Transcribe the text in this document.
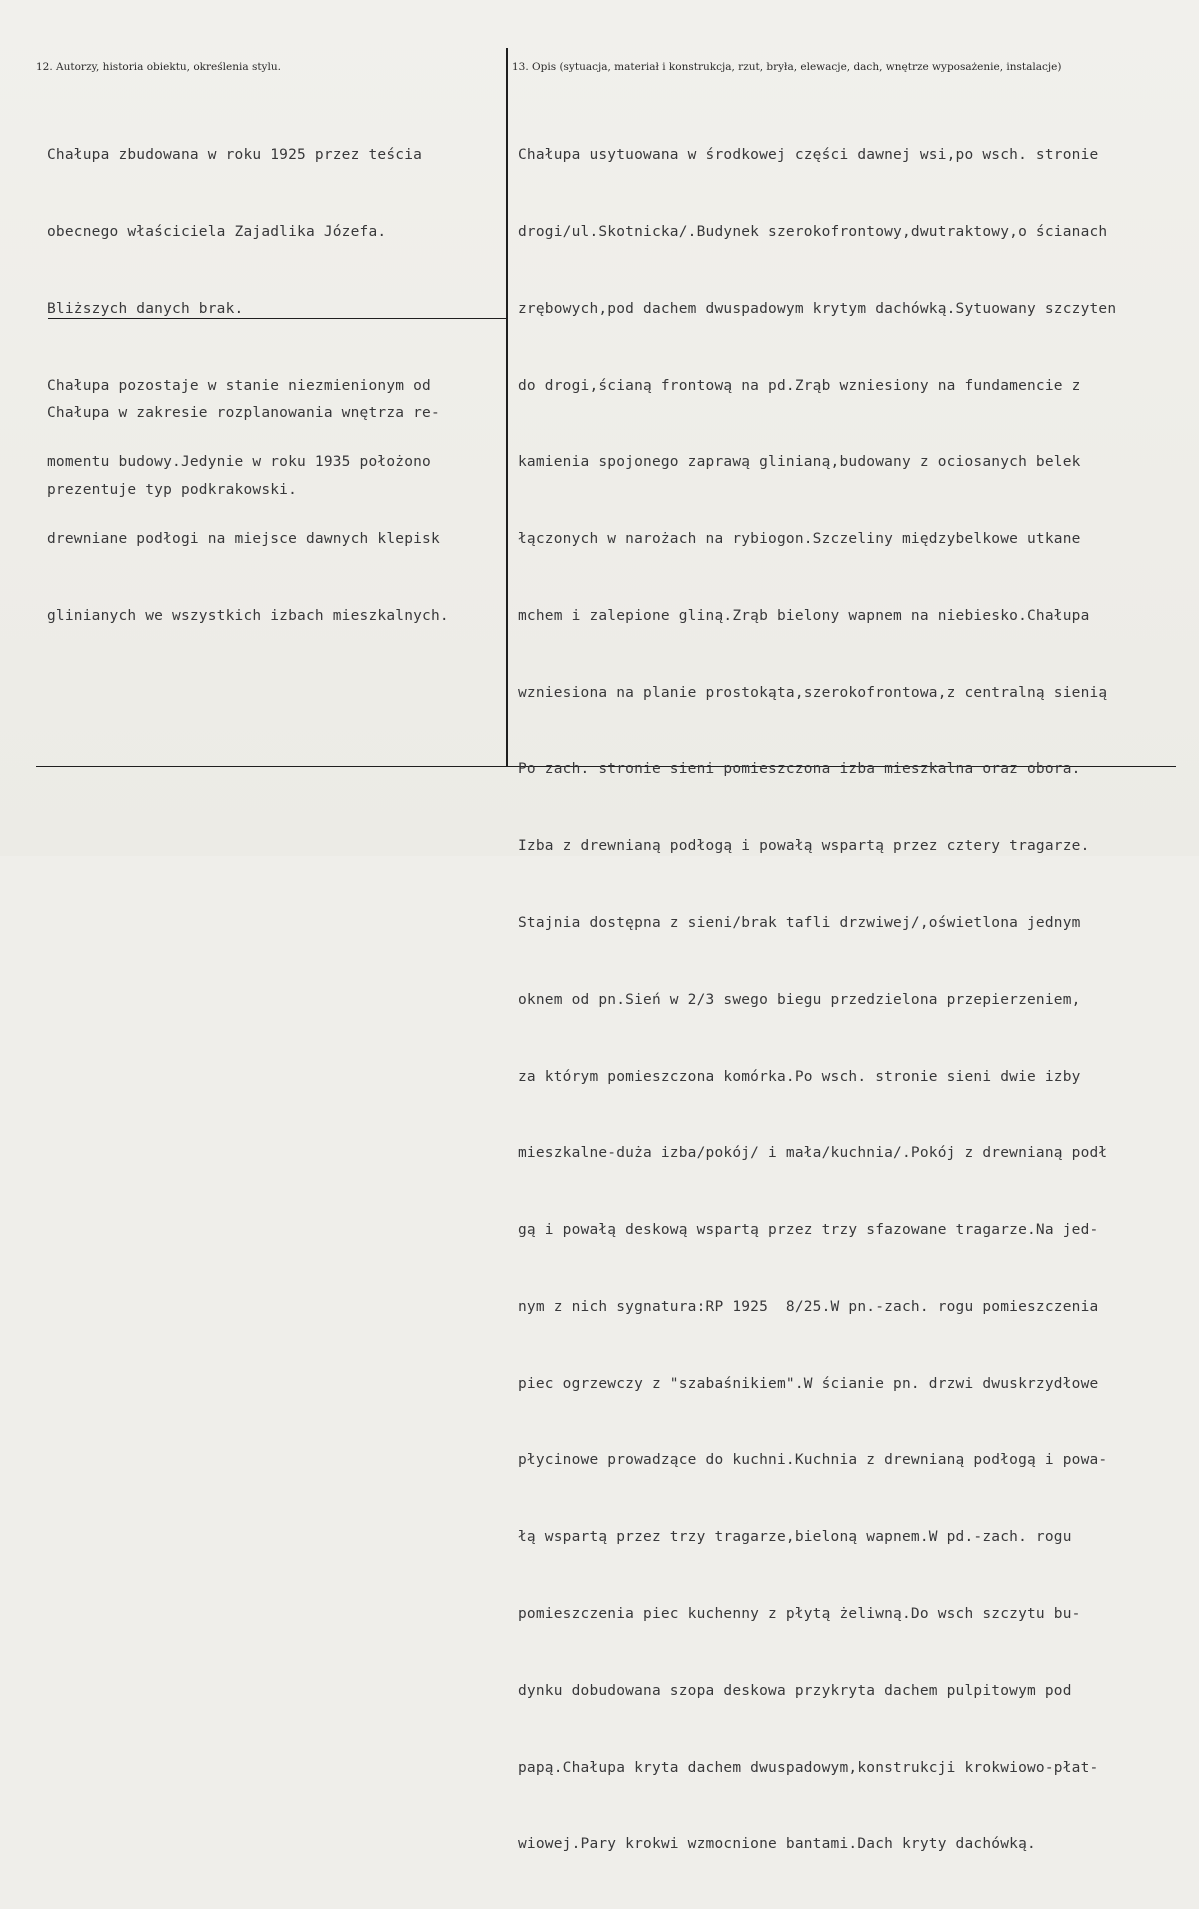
12. Autorzy, historia obiektu, określenia stylu.	13. Opis (sytuacja, materiał i konstrukcja, rzut, bryła, elewacje, dach, wnętrze wyposażenie, instalacje)

Chałupa zbudowana w roku 1925 przez teścia

obecnego właściciela Zajadlika Józefa.

Bliższych danych brak.

Chałupa pozostaje w stanie niezmienionym od

momentu budowy.Jedynie w roku 1935 położono

drewniane podłogi na miejsce dawnych klepisk

glinianych we wszystkich izbach mieszkalnych.

Chałupa w zakresie rozplanowania wnętrza re-

prezentuje typ podkrakowski.

Chałupa usytuowana w środkowej części dawnej wsi,po wsch. stronie

drogi/ul.Skotnicka/.Budynek szerokofrontowy,dwutraktowy,o ścianach

zrębowych,pod dachem dwuspadowym krytym dachówką.Sytuowany szczyten

do drogi,ścianą frontową na pd.Zrąb wzniesiony na fundamencie z

kamienia spojonego zaprawą glinianą,budowany z ociosanych belek

łączonych w narożach na rybiogon.Szczeliny międzybelkowe utkane

mchem i zalepione gliną.Zrąb bielony wapnem na niebiesko.Chałupa

wzniesiona na planie prostokąta,szerokofrontowa,z centralną sienią

Po zach. stronie sieni pomieszczona izba mieszkalna oraz obora.

Izba z drewnianą podłogą i powałą wspartą przez cztery tragarze.

Stajnia dostępna z sieni/brak tafli drzwiwej/,oświetlona jednym

oknem od pn.Sień w 2/3 swego biegu przedzielona przepierzeniem,

za którym pomieszczona komórka.Po wsch. stronie sieni dwie izby

mieszkalne-duża izba/pokój/ i mała/kuchnia/.Pokój z drewnianą podł

gą i powałą deskową wspartą przez trzy sfazowane tragarze.Na jed-

nym z nich sygnatura:RP 1925  8/25.W pn.-zach. rogu pomieszczenia

piec ogrzewczy z "szabaśnikiem".W ścianie pn. drzwi dwuskrzydłowe

płycinowe prowadzące do kuchni.Kuchnia z drewnianą podłogą i powa-

łą wspartą przez trzy tragarze,bieloną wapnem.W pd.-zach. rogu

pomieszczenia piec kuchenny z płytą żeliwną.Do wsch szczytu bu-

dynku dobudowana szopa deskowa przykryta dachem pulpitowym pod

papą.Chałupa kryta dachem dwuspadowym,konstrukcji krokwiowo-płat-

wiowej.Pary krokwi wzmocnione bantami.Dach kryty dachówką.
